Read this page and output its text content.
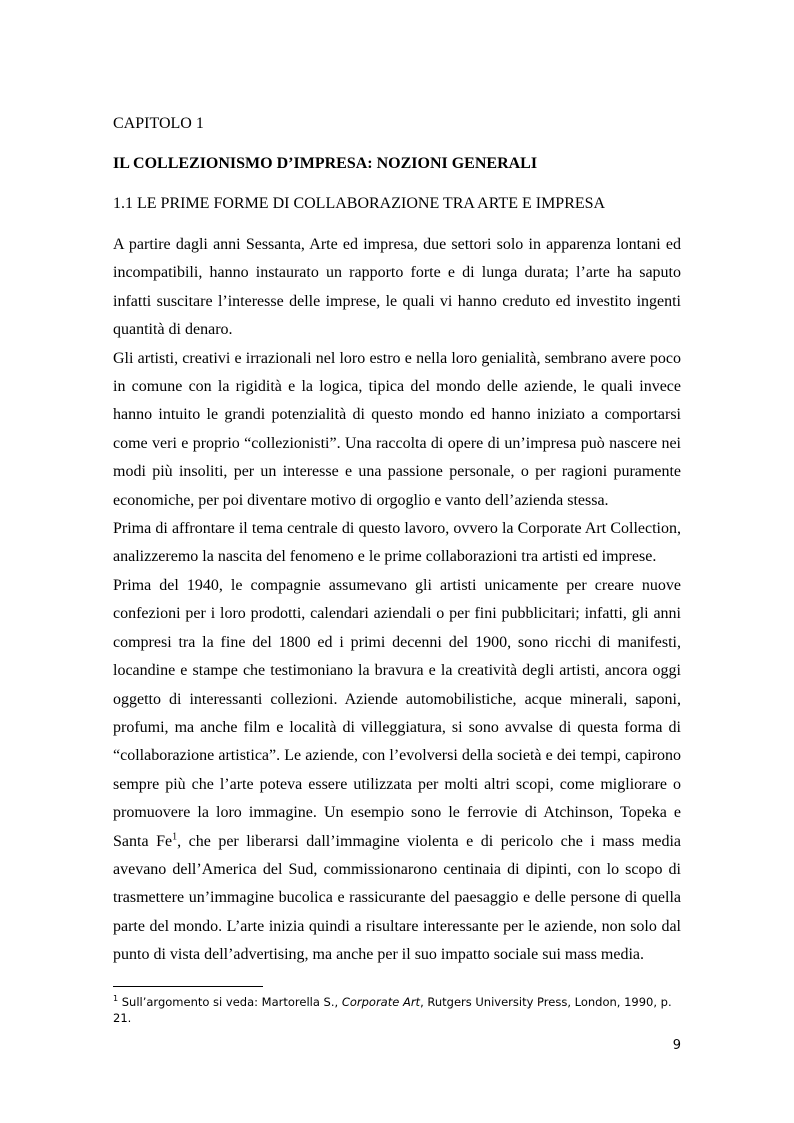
CAPITOLO 1
IL COLLEZIONISMO D’IMPRESA: NOZIONI GENERALI
1.1 LE PRIME FORME DI COLLABORAZIONE TRA ARTE E IMPRESA

A partire dagli anni Sessanta, Arte ed impresa, due settori solo in apparenza lontani ed incompatibili, hanno instaurato un rapporto forte e di lunga durata; l’arte ha saputo infatti suscitare l’interesse delle imprese, le quali vi hanno creduto ed investito ingenti quantità di denaro.

Gli artisti, creativi e irrazionali nel loro estro e nella loro genialità, sembrano avere poco in comune con la rigidità e la logica, tipica del mondo delle aziende, le quali invece hanno intuito le grandi potenzialità di questo mondo ed hanno iniziato a comportarsi come veri e proprio “collezionisti”. Una raccolta di opere di un’impresa può nascere nei modi più insoliti, per un interesse e una passione personale, o per ragioni puramente economiche, per poi diventare motivo di orgoglio e vanto dell’azienda stessa.

Prima di affrontare il tema centrale di questo lavoro, ovvero la Corporate Art Collection, analizzeremo la nascita del fenomeno e le prime collaborazioni tra artisti ed imprese.

Prima del 1940, le compagnie assumevano gli artisti unicamente per creare nuove confezioni per i loro prodotti, calendari aziendali o per fini pubblicitari; infatti, gli anni compresi tra la fine del 1800 ed i primi decenni del 1900, sono ricchi di manifesti, locandine e stampe che testimoniano la bravura e la creatività degli artisti, ancora oggi oggetto di interessanti collezioni. Aziende automobilistiche, acque minerali, saponi, profumi, ma anche film e località di villeggiatura, si sono avvalse di questa forma di “collaborazione artistica”. Le aziende, con l’evolversi della società e dei tempi, capirono sempre più che l’arte poteva essere utilizzata per molti altri scopi, come migliorare o promuovere la loro immagine. Un esempio sono le ferrovie di Atchinson, Topeka e Santa Fe$^1$, che per liberarsi dall’immagine violenta e di pericolo che i mass media avevano dell’America del Sud, commissionarono centinaia di dipinti, con lo scopo di trasmettere un’immagine bucolica e rassicurante del paesaggio e delle persone di quella parte del mondo. L’arte inizia quindi a risultare interessante per le aziende, non solo dal punto di vista dell’advertising, ma anche per il suo impatto sociale sui mass media.

$^1$ Sull’argomento si veda: Martorella S., Corporate Art, Rutgers University Press, London, 1990, p. 21.

9
